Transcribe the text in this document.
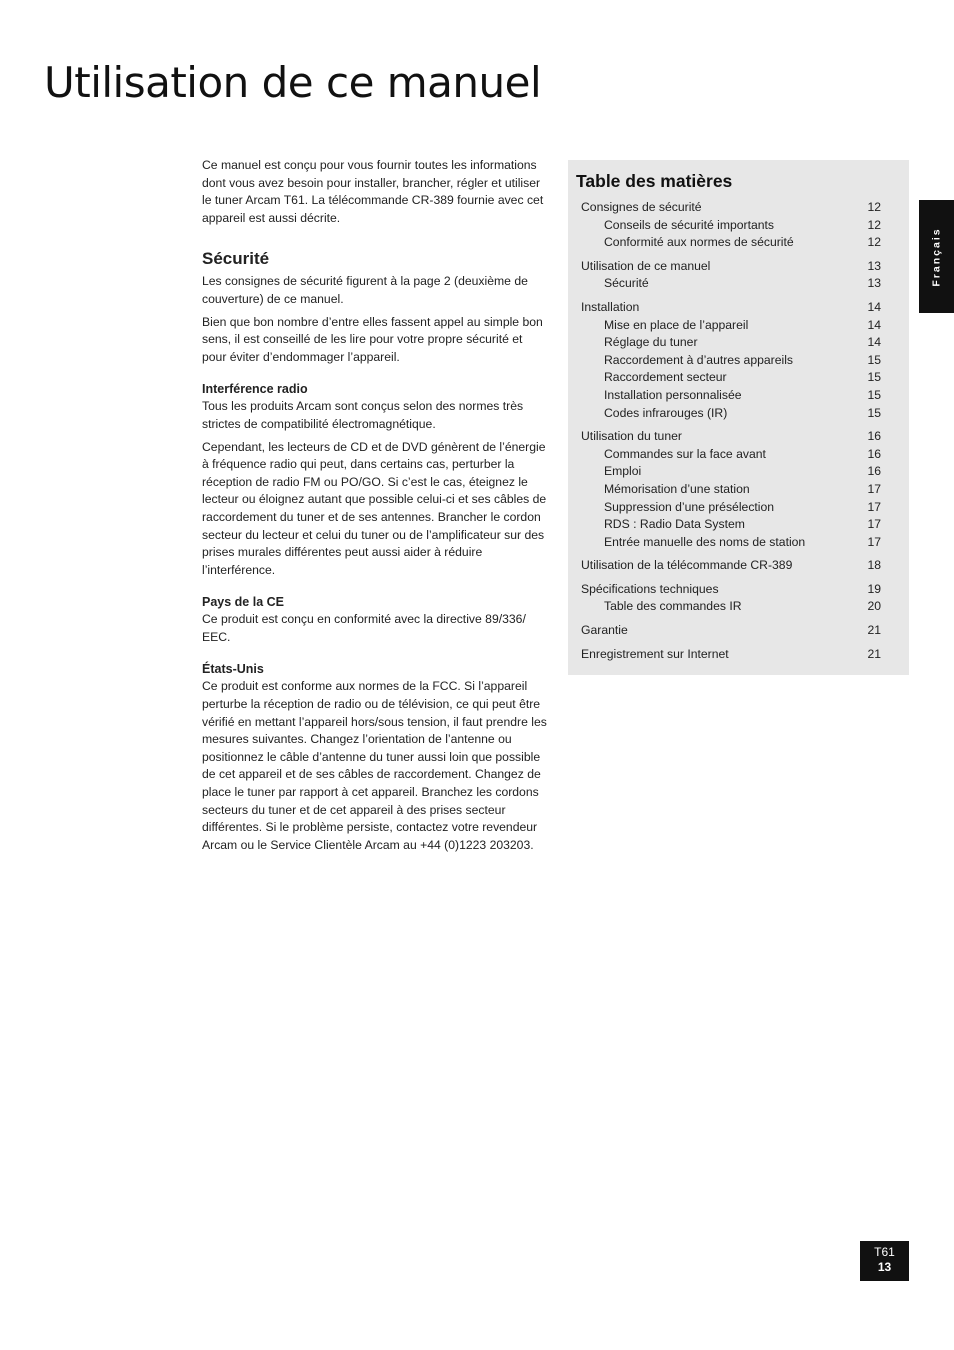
Utilisation de ce manuel

Ce manuel est conçu pour vous fournir toutes les informations dont vous avez besoin pour installer, brancher, régler et utiliser le tuner Arcam T61. La télécommande CR-389 fournie avec cet appareil est aussi décrite.

Sécurité

Les consignes de sécurité figurent à la page 2 (deuxième de couverture) de ce manuel.

Bien que bon nombre d’entre elles fassent appel au simple bon sens, il est conseillé de les lire pour votre propre sécurité et pour éviter d’endommager l’appareil.

Interférence radio

Tous les produits Arcam sont conçus selon des normes très strictes de compatibilité électromagnétique.

Cependant, les lecteurs de CD et de DVD génèrent de l’énergie à fréquence radio qui peut, dans certains cas, perturber la réception de radio FM ou PO/GO. Si c’est le cas, éteignez le lecteur ou éloignez autant que possible celui-ci et ses câbles de raccordement du tuner et de ses antennes. Brancher le cordon secteur du lecteur et celui du tuner ou de l’amplificateur sur des prises murales différentes peut aussi aider à réduire l’interférence.

Pays de la CE

Ce produit est conçu en conformité avec la directive 89/336/ EEC.

États-Unis

Ce produit est conforme aux normes de la FCC. Si l’appareil perturbe la réception de radio ou de télévision, ce qui peut être vérifié en mettant l’appareil hors/sous tension, il faut prendre les mesures suivantes. Changez l’orientation de l’antenne ou positionnez le câble d’antenne du tuner aussi loin que possible de cet appareil et de ses câbles de raccordement. Changez de place le tuner par rapport à cet appareil. Branchez les cordons secteurs du tuner et de cet appareil à des prises secteur différentes. Si le problème persiste, contactez votre revendeur Arcam ou le Service Clientèle Arcam au +44 (0)1223 203203.

Table des matières
Consignes de sécurité	12
Conseils de sécurité importants	12
Conformité aux normes de sécurité	12
Utilisation de ce manuel	13
Sécurité	13
Installation	14
Mise en place de l’appareil	14
Réglage du tuner	14
Raccordement à d’autres appareils	15
Raccordement secteur	15
Installation personnalisée	15
Codes infrarouges (IR)	15
Utilisation du tuner	16
Commandes sur la face avant	16
Emploi	16
Mémorisation d’une station	17
Suppression d’une présélection	17
RDS : Radio Data System	17
Entrée manuelle des noms de station	17
Utilisation de la télécommande CR-389	18
Spécifications techniques	19
Table des commandes IR	20
Garantie	21
Enregistrement sur Internet	21
Français
T61
13
